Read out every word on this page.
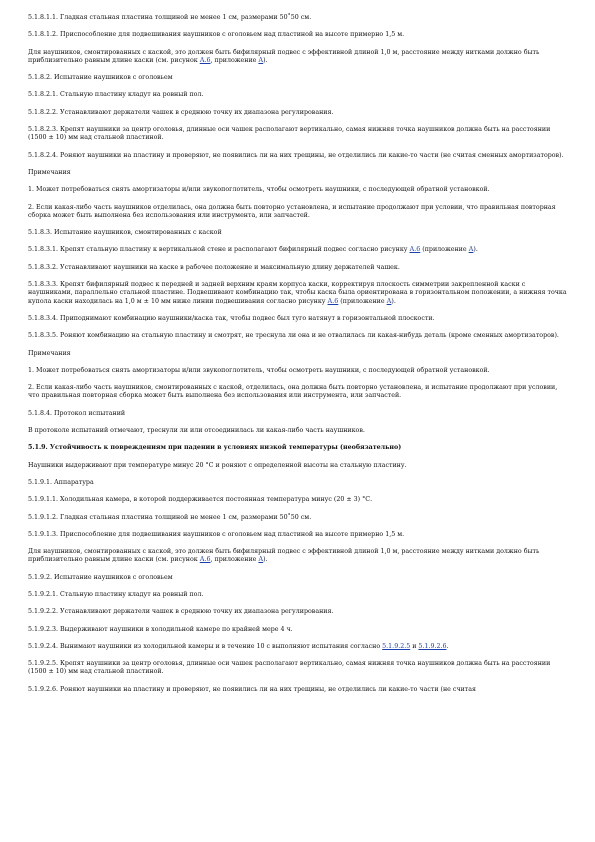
5.1.8.1.1. Гладкая стальная пластина толщиной не менее 1 см, размерами 50˚50 см.
5.1.8.1.2. Приспособление для подвешивания наушников с оголовьем над пластиной на высоте примерно 1,5 м.
Для наушников, смонтированных с каской, это должен быть бифилярный подвес с эффективной длиной 1,0 м, расстояние между нитками должно быть приблизительно равным длине каски (см. рисунок А.6, приложение А).
5.1.8.2. Испытание наушников с оголовьем
5.1.8.2.1. Стальную пластину кладут на ровный пол.
5.1.8.2.2. Устанавливают держатели чашек в среднюю точку их диапазона регулирования.
5.1.8.2.3. Крепят наушники за центр оголовья, длинные оси чашек располагают вертикально, самая нижняя точка наушников должна быть на расстоянии (1500 ± 10) мм над стальной пластиной.
5.1.8.2.4. Роняют наушники на пластину и проверяют, не появились ли на них трещины, не отделились ли какие-то части (не считая сменных амортизаторов).
Примечания
1. Может потребоваться снять амортизаторы и/или звукопоглотитель, чтобы осмотреть наушники, с последующей обратной установкой.
2. Если какая-либо часть наушников отделилась, она должна быть повторно установлена, и испытание продолжают при условии, что правильная повторная сборка может быть выполнена без использования или инструмента, или запчастей.
5.1.8.3. Испытание наушников, смонтированных с каской
5.1.8.3.1. Крепят стальную пластину к вертикальной стене и располагают бифилярный подвес согласно рисунку А.6 (приложение А).
5.1.8.3.2. Устанавливают наушники на каске в рабочее положение и максимальную длину держателей чашек.
5.1.8.3.3. Крепят бифилярный подвес к передней и задней верхним краям корпуса каски, корректируя плоскость симметрии закрепленной каски с наушниками, параллельно стальной пластине. Подвешивают комбинацию так, чтобы каска была ориентирована в горизонтальном положении, а нижняя точка купола каски находилась на 1,0 м ± 10 мм ниже линии подвешивания согласно рисунку А.6 (приложение А).
5.1.8.3.4. Приподнимают комбинацию наушники/каска так, чтобы подвес был туго натянут в горизонтальной плоскости.
5.1.8.3.5. Роняют комбинацию на стальную пластину и смотрят, не треснула ли она и не отвалилась ли какая-нибудь деталь (кроме сменных амортизаторов).
Примечания
1. Может потребоваться снять амортизаторы и/или звукопоглотитель, чтобы осмотреть наушники, с последующей обратной установкой.
2. Если какая-либо часть наушников, смонтированных с каской, отделилась, она должна быть повторно установлена, и испытание продолжают при условии, что правильная повторная сборка может быть выполнена без использования или инструмента, или запчастей.
5.1.8.4. Протокол испытаний
В протоколе испытаний отмечают, треснули ли или отсоединилась ли какая-либо часть наушников.
5.1.9. Устойчивость к повреждениям при падении в условиях низкой температуры (необязательно)
Наушники выдерживают при температуре минус 20 °С и роняют с определенной высоты на стальную пластину.
5.1.9.1. Аппаратура
5.1.9.1.1. Холодильная камера, в которой поддерживается постоянная температура минус (20 ± 3) °С.
5.1.9.1.2. Гладкая стальная пластина толщиной не менее 1 см, размерами 50˚50 см.
5.1.9.1.3. Приспособление для подвешивания наушников с оголовьем над пластиной на высоте примерно 1,5 м.
Для наушников, смонтированных с каской, это должен быть бифилярный подвес с эффективной длиной 1,0 м, расстояние между нитками должно быть приблизительно равным длине каски (см. рисунок А.6, приложение А).
5.1.9.2. Испытание наушников с оголовьем
5.1.9.2.1. Стальную пластину кладут на ровный пол.
5.1.9.2.2. Устанавливают держатели чашек в среднюю точку их диапазона регулирования.
5.1.9.2.3. Выдерживают наушники в холодильной камере по крайней мере 4 ч.
5.1.9.2.4. Вынимают наушники из холодильной камеры и в течение 10 с выполняют испытания согласно 5.1.9.2.5 и 5.1.9.2.6.
5.1.9.2.5. Крепят наушники за центр оголовья, длинные оси чашек располагают вертикально, самая нижняя точка наушников должна быть на расстоянии (1500 ± 10) мм над стальной пластиной.
5.1.9.2.6. Роняют наушники на пластину и проверяют, не появились ли на них трещины, не отделились ли какие-то части (не считая
